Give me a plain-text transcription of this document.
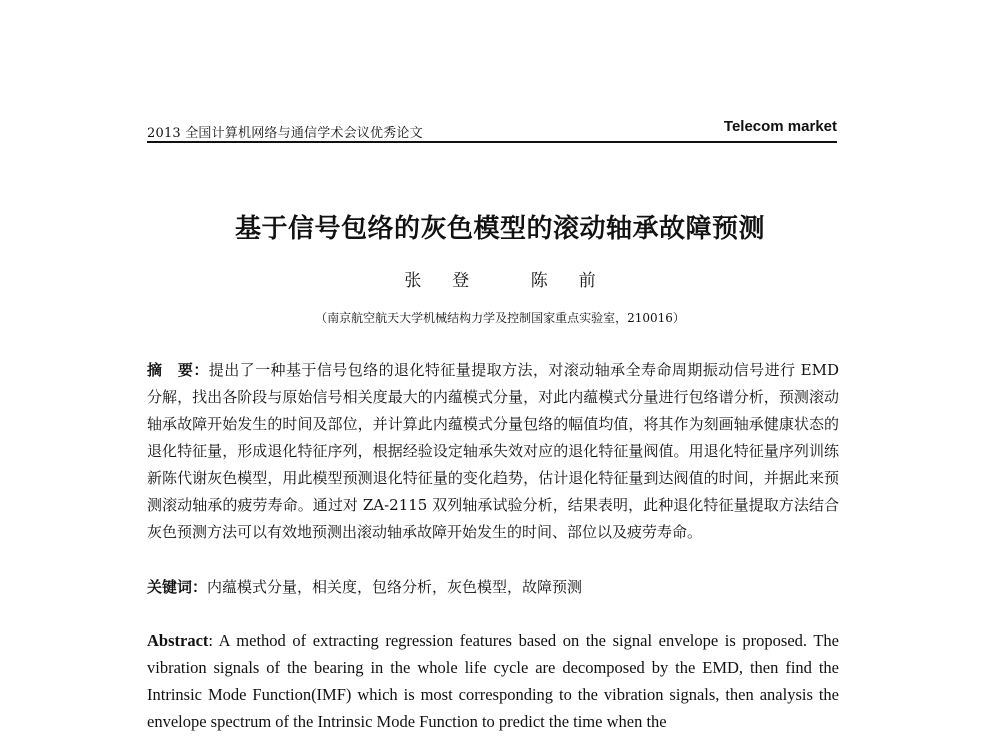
2013 全国计算机网络与通信学术会议优秀论文	Telecom market
基于信号包络的灰色模型的滚动轴承故障预测
张  登    陈  前
（南京航空航天大学机械结构力学及控制国家重点实验室，210016）
摘　要：提出了一种基于信号包络的退化特征量提取方法，对滚动轴承全寿命周期振动信号进行 EMD 分解，找出各阶段与原始信号相关度最大的内蕴模式分量，对此内蕴模式分量进行包络谱分析，预测滚动轴承故障开始发生的时间及部位，并计算此内蕴模式分量包络的幅值均值，将其作为刻画轴承健康状态的退化特征量，形成退化特征序列，根据经验设定轴承失效对应的退化特征量阀值。用退化特征量序列训练新陈代谢灰色模型，用此模型预测退化特征量的变化趋势，估计退化特征量到达阀值的时间，并据此来预测滚动轴承的疲劳寿命。通过对 ZA-2115 双列轴承试验分析，结果表明，此种退化特征量提取方法结合灰色预测方法可以有效地预测出滚动轴承故障开始发生的时间、部位以及疲劳寿命。
关键词：内蕴模式分量，相关度，包络分析，灰色模型，故障预测
Abstract: A method of extracting regression features based on the signal envelope is proposed. The vibration signals of the bearing in the whole life cycle are decomposed by the EMD, then find the Intrinsic Mode Function(IMF) which is most corresponding to the vibration signals, then analysis the envelope spectrum of the Intrinsic Mode Function to predict the time when the
